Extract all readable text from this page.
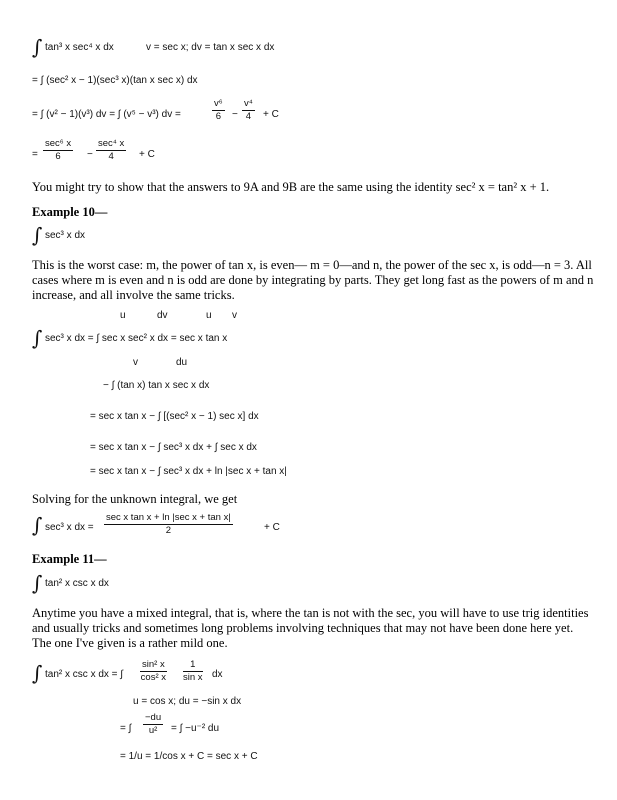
∫ tan³ x sec⁴ x dx	v = sec x; dv = tan x sec x dx
= ∫ (sec² x − 1)(sec³ x)(tan x sec x) dx
= ∫ (v² − 1)(v³) dv = ∫ (v⁵ − v³) dv =	$\frac{\text{v⁶}}{6} - \frac{\text{v⁴}}{4} + C$
=
sec⁶ x
6	−
sec⁴ x
4	+ C
You might try to show that the answers to 9A and 9B are the same using the identity sec² x = tan² x + 1.
Example 10—
∫ sec³ x dx
This is the worst case: m, the power of tan x, is even— m = 0—and n, the power of the sec x, is odd—n = 3. All
cases where m is even and n is odd are done by integrating by parts. They get long fast as the powers of m and n
increase, and all involve the same tricks.
u	dv	u v
∫ sec³ x dx = ∫ sec x sec² x dx = sec x tan x
v	du
− ∫ (tan x) tan x sec x dx
= sec x tan x − ∫ [(sec² x − 1) sec x] dx
= sec x tan x − ∫ sec³ x dx + ∫ sec x dx
= sec x tan x − ∫ sec³ x dx + ln |sec x + tan x|
Solving for the unknown integral, we get
∫ sec³ x dx =
sec x tan x + ln |sec x + tan x|
2	+ C
Example 11—
∫ tan² x csc x dx
Anytime you have a mixed integral, that is, where the tan is not with the sec, you will have to use trig identities
and usually tricks and sometimes long problems involving techniques that may not have been done here yet.
The one I've given is a rather mild one.
∫ tan² x csc x dx = ∫ $\frac{\text{sin² x}}{\text{cos² x}} \frac{1}{\text{sin x}}$ dx
u = cos x; du = −sin x dx
= ∫ $\frac{-du}{\text{u²}}$ = ∫ −u⁻² du
= 1/u = 1/cos x + C = sec x + C
